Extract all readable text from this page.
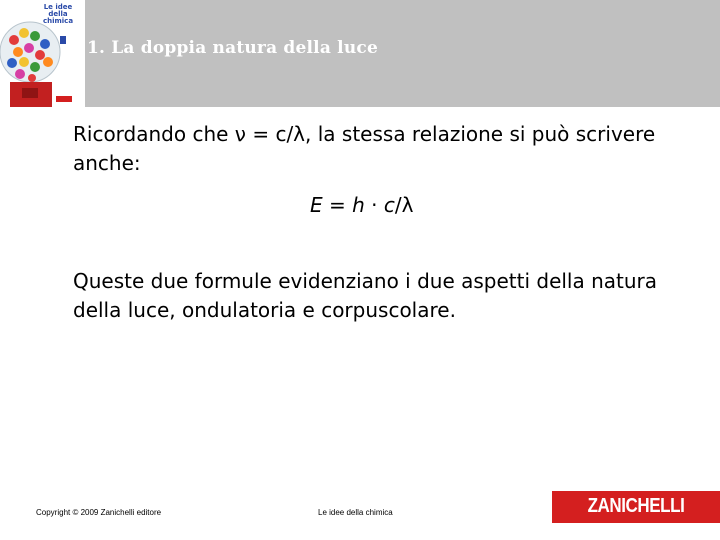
Le idee della chimica
1. La doppia natura della luce
Ricordando che ν = c/λ, la stessa relazione si può scrivere anche:
E = h · c/λ
Queste due formule evidenziano i due aspetti della natura della luce, ondulatoria e corpuscolare.
Copyright © 2009 Zanichelli editore	Le idee della chimica	ZANICHELLI
